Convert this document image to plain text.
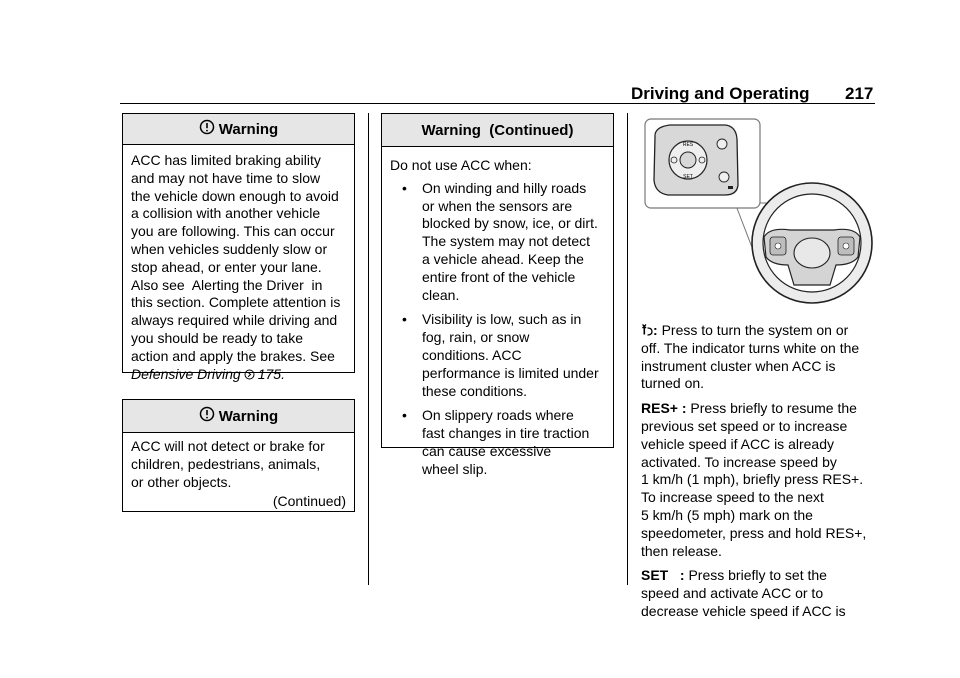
Driving and Operating 217
Warning
ACC has limited braking ability
and may not have time to slow
the vehicle down enough to avoid
a collision with another vehicle
you are following. This can occur
when vehicles suddenly slow or
stop ahead, or enter your lane.
Also see  Alerting the Driver  in
this section. Complete attention is
always required while driving and
you should be ready to take
action and apply the brakes. See
Defensive Driving 175.
Warning
ACC will not detect or brake for
children, pedestrians, animals,
or other objects.
(Continued)
Warning  (Continued)
Do not use ACC when:
• On winding and hilly roads
or when the sensors are
blocked by snow, ice, or dirt.
The system may not detect
a vehicle ahead. Keep the
entire front of the vehicle
clean.
• Visibility is low, such as in
fog, rain, or snow
conditions. ACC
performance is limited under
these conditions.
• On slippery roads where
fast changes in tire traction
can cause excessive
wheel slip.
RES
SET

: Press to turn the system on or
off. The indicator turns white on the
instrument cluster when ACC is
turned on.

RES+ : Press briefly to resume the
previous set speed or to increase
vehicle speed if ACC is already
activated. To increase speed by
1 km/h (1 mph), briefly press RES+.
To increase speed to the next
5 km/h (5 mph) mark on the
speedometer, press and hold RES+,
then release.

SET   : Press briefly to set the
speed and activate ACC or to
decrease vehicle speed if ACC is
